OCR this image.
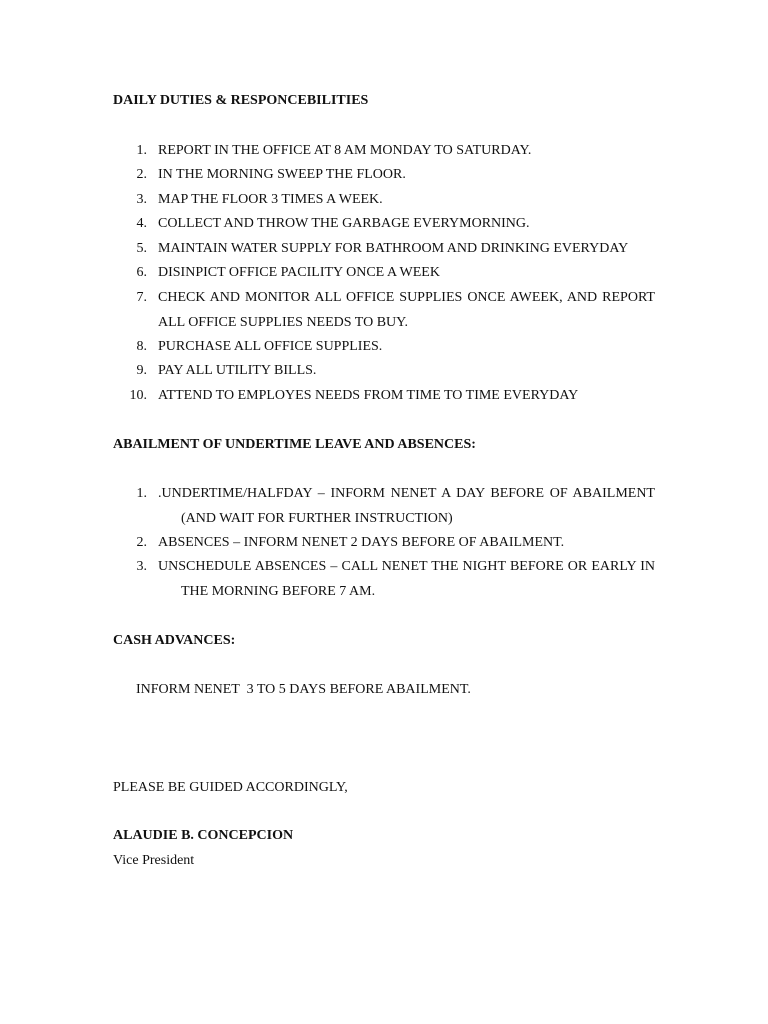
DAILY DUTIES & RESPONCEBILITIES
1. REPORT IN THE OFFICE AT 8 AM MONDAY TO SATURDAY.
2. IN THE MORNING SWEEP THE FLOOR.
3. MAP THE FLOOR 3 TIMES A WEEK.
4. COLLECT AND THROW THE GARBAGE EVERYMORNING.
5. MAINTAIN WATER SUPPLY FOR BATHROOM AND DRINKING EVERYDAY
6. DISINPICT OFFICE PACILITY ONCE A WEEK
7. CHECK AND MONITOR ALL OFFICE SUPPLIES ONCE AWEEK, AND REPORT
ALL OFFICE SUPPLIES NEEDS TO BUY.
8. PURCHASE ALL OFFICE SUPPLIES.
9. PAY ALL UTILITY BILLS.
10. ATTEND TO EMPLOYES NEEDS FROM TIME TO TIME EVERYDAY
ABAILMENT OF UNDERTIME LEAVE AND ABSENCES:
1. .UNDERTIME/HALFDAY – INFORM NENET A DAY BEFORE OF ABAILMENT
(AND WAIT FOR FURTHER INSTRUCTION)
2. ABSENCES – INFORM NENET 2 DAYS BEFORE OF ABAILMENT.
3. UNSCHEDULE ABSENCES – CALL NENET THE NIGHT BEFORE OR EARLY IN
THE MORNING BEFORE 7 AM.
CASH ADVANCES:
INFORM NENET  3 TO 5 DAYS BEFORE ABAILMENT.
PLEASE BE GUIDED ACCORDINGLY,
ALAUDIE B. CONCEPCION
Vice President
